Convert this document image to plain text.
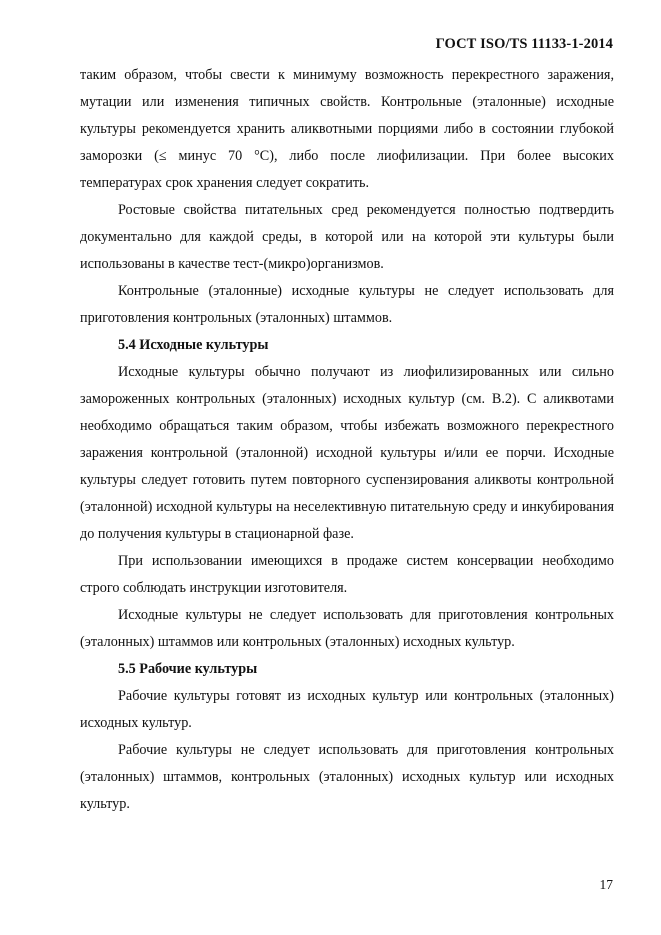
ГОСТ ISO/TS 11133-1-2014

таким образом, чтобы свести к минимуму возможность перекрестного заражения, мутации или изменения типичных свойств. Контрольные (эталонные) исходные культуры рекомендуется хранить аликвотными порциями либо в состоянии глубокой заморозки (≤ минус 70 °С), либо после лиофилизации. При более высоких температурах срок хранения следует сократить.

Ростовые свойства питательных сред рекомендуется полностью подтвердить документально для каждой среды, в которой или на которой эти культуры были использованы в качестве тест-(микро)организмов.

Контрольные (эталонные) исходные культуры не следует использовать для приготовления контрольных (эталонных) штаммов.

5.4 Исходные культуры

Исходные культуры обычно получают из лиофилизированных или сильно замороженных контрольных (эталонных) исходных культур (см. В.2). С аликвотами необходимо обращаться таким образом, чтобы избежать возможного перекрестного заражения контрольной (эталонной) исходной культуры и/или ее порчи. Исходные культуры следует готовить путем повторного суспензирования аликвоты контрольной (эталонной) исходной культуры на неселективную питательную среду и инкубирования до получения культуры в стационарной фазе.

При использовании имеющихся в продаже систем консервации необходимо строго соблюдать инструкции изготовителя.

Исходные культуры не следует использовать для приготовления контрольных (эталонных) штаммов или контрольных (эталонных) исходных культур.

5.5 Рабочие культуры

Рабочие культуры готовят из исходных культур или контрольных (эталонных) исходных культур.

Рабочие культуры не следует использовать для приготовления контрольных (эталонных) штаммов, контрольных (эталонных) исходных культур или исходных культур.

17
